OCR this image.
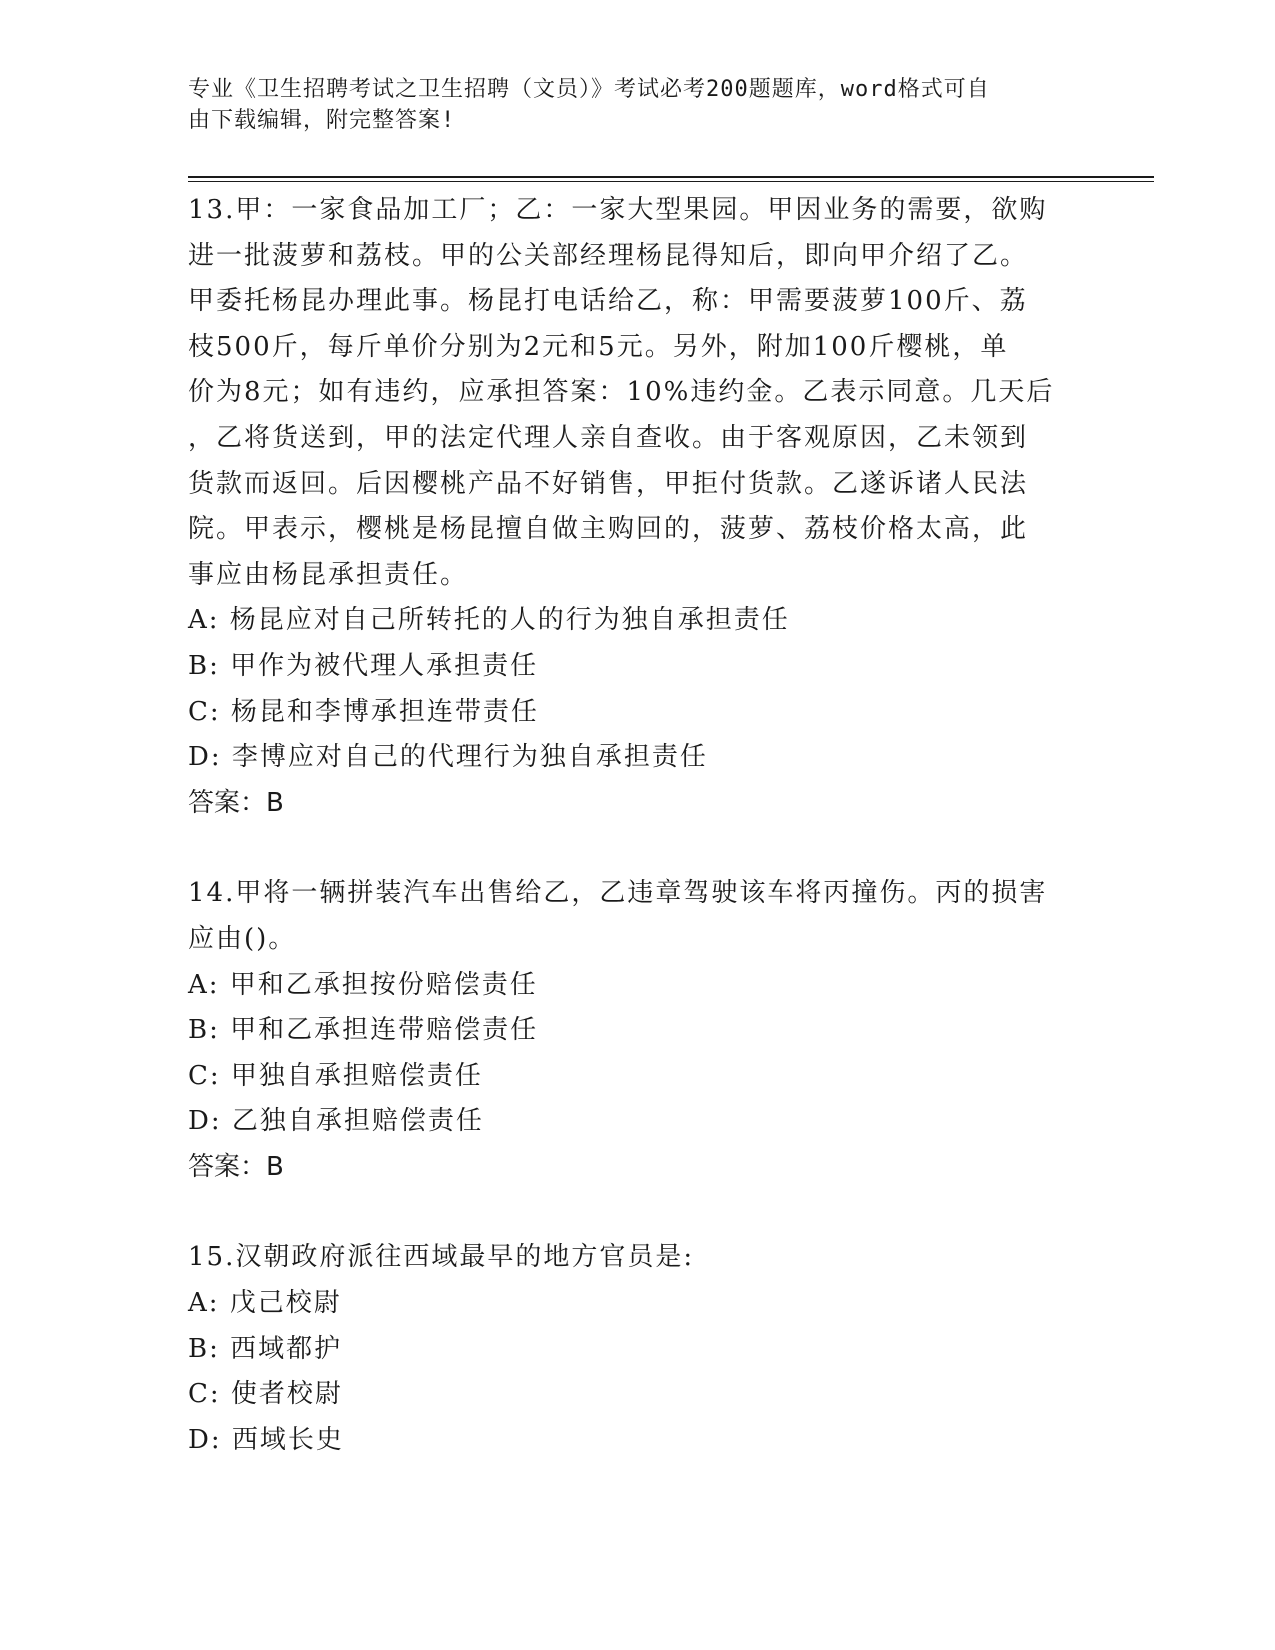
专业《卫生招聘考试之卫生招聘（文员）》考试必考200题题库，word格式可自
由下载编辑，附完整答案!

13.甲：一家食品加工厂；乙：一家大型果园。甲因业务的需要，欲购

进一批菠萝和荔枝。甲的公关部经理杨昆得知后，即向甲介绍了乙。

甲委托杨昆办理此事。杨昆打电话给乙，称：甲需要菠萝100斤、荔

枝500斤，每斤单价分别为2元和5元。另外，附加100斤樱桃，单

价为8元；如有违约，应承担答案：10%违约金。乙表示同意。几天后

，乙将货送到，甲的法定代理人亲自查收。由于客观原因，乙未领到

货款而返回。后因樱桃产品不好销售，甲拒付货款。乙遂诉诸人民法

院。甲表示，樱桃是杨昆擅自做主购回的，菠萝、荔枝价格太高，此

事应由杨昆承担责任。

A: 杨昆应对自己所转托的人的行为独自承担责任

B: 甲作为被代理人承担责任

C: 杨昆和李博承担连带责任

D: 李博应对自己的代理行为独自承担责任

答案：B

14.甲将一辆拼装汽车出售给乙，乙违章驾驶该车将丙撞伤。丙的损害

应由()。

A: 甲和乙承担按份赔偿责任

B: 甲和乙承担连带赔偿责任

C: 甲独自承担赔偿责任

D: 乙独自承担赔偿责任

答案：B

15.汉朝政府派往西域最早的地方官员是:

A: 戊己校尉

B: 西域都护

C: 使者校尉

D: 西域长史
